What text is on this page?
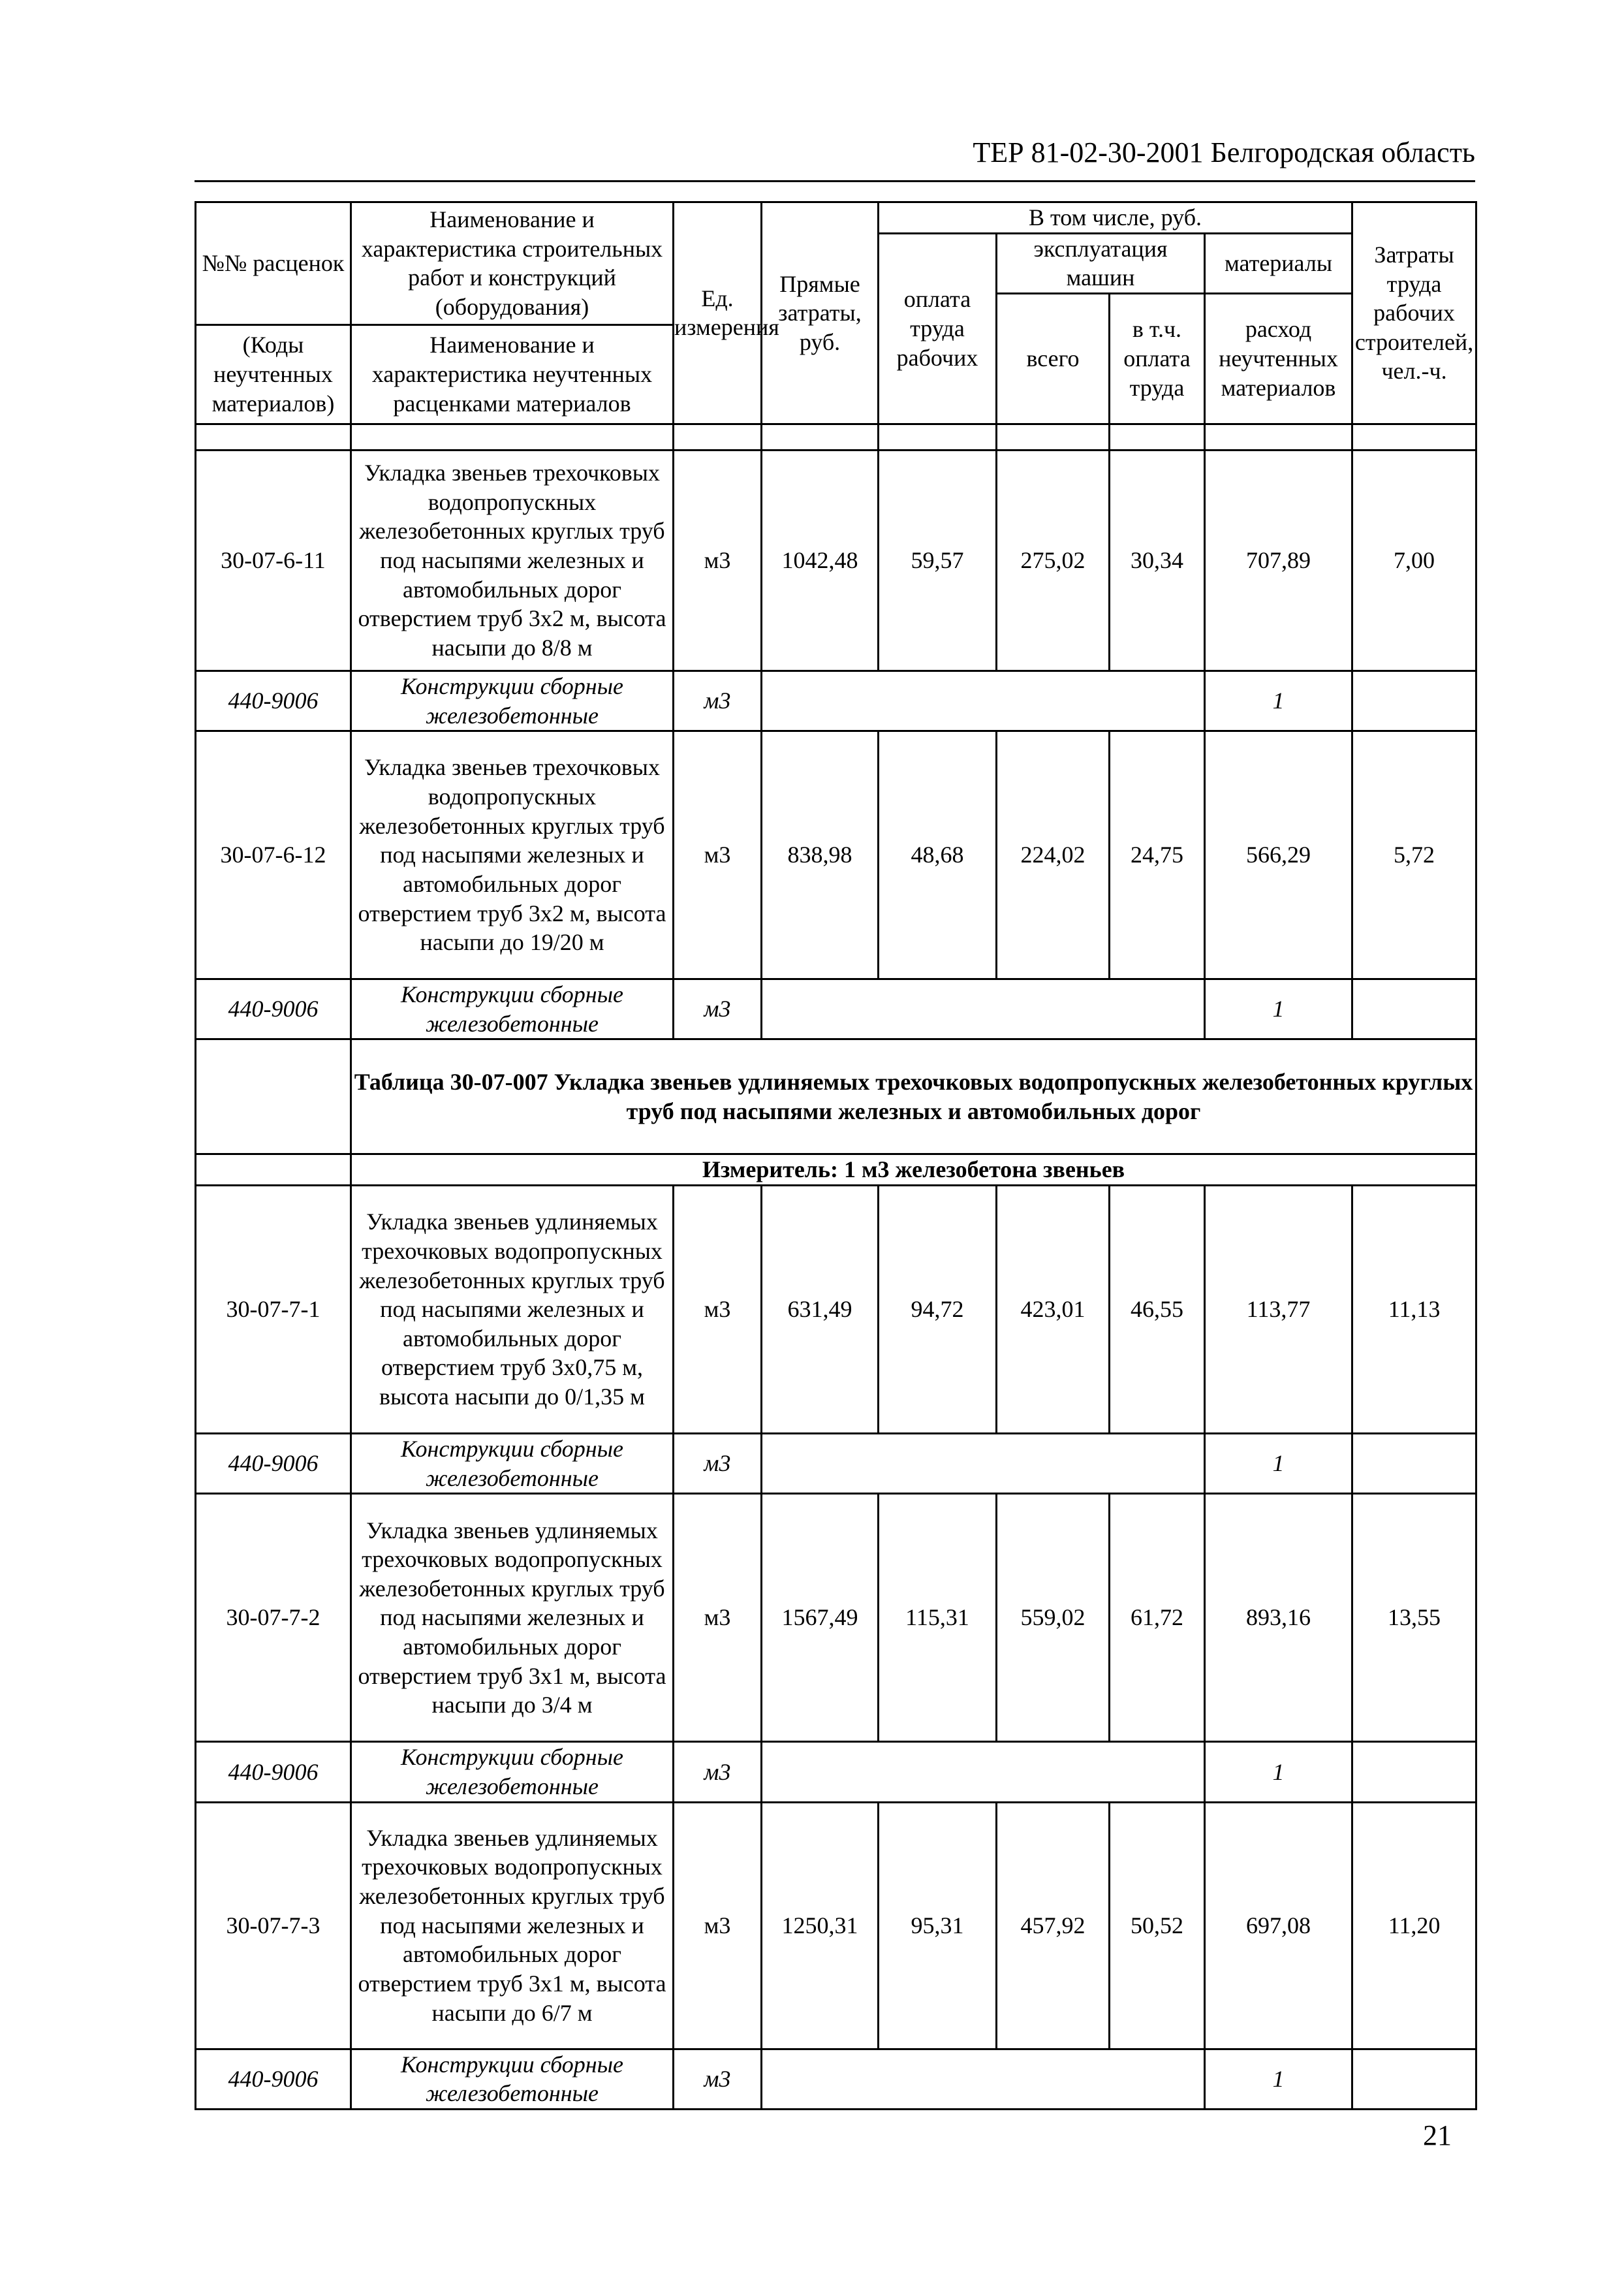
ТЕР 81-02-30-2001 Белгородская область
№№ расценок	Наименование и характеристика строительных работ и конструкций (оборудования)	Ед. измерения	Прямые затраты, руб.	В том числе, руб.				Затраты труда рабочих строителей, чел.-ч.
				оплата труда рабочих	эксплуатация машин		материалы	
					всего	в т.ч. оплата труда	расход неучтенных материалов	
(Коды неучтенных материалов)	Наименование и характеристика неучтенных расценками материалов							

30-07-6-11	Укладка звеньев трехочковых водопропускных железобетонных круглых труб под насыпями железных и автомобильных дорог отверстием труб 3х2 м, высота насыпи до 8/8 м	м3	1042,48	59,57	275,02	30,34	707,89	7,00
440-9006	Конструкции сборные железобетонные	м3					1	
30-07-6-12	Укладка звеньев трехочковых водопропускных железобетонных круглых труб под насыпями железных и автомобильных дорог отверстием труб 3х2 м, высота насыпи до 19/20 м	м3	838,98	48,68	224,02	24,75	566,29	5,72
440-9006	Конструкции сборные железобетонные	м3					1	
	Таблица 30-07-007 Укладка звеньев удлиняемых трехочковых водопропускных железобетонных круглых труб под насыпями железных и автомобильных дорог							
	Измеритель: 1 м3 железобетона звеньев							
30-07-7-1	Укладка звеньев удлиняемых трехочковых водопропускных железобетонных круглых труб под насыпями железных и автомобильных дорог отверстием труб 3х0,75 м, высота насыпи до 0/1,35 м	м3	631,49	94,72	423,01	46,55	113,77	11,13
440-9006	Конструкции сборные железобетонные	м3					1	
30-07-7-2	Укладка звеньев удлиняемых трехочковых водопропускных железобетонных круглых труб под насыпями железных и автомобильных дорог отверстием труб 3х1 м, высота насыпи до 3/4 м	м3	1567,49	115,31	559,02	61,72	893,16	13,55
440-9006	Конструкции сборные железобетонные	м3					1	
30-07-7-3	Укладка звеньев удлиняемых трехочковых водопропускных железобетонных круглых труб под насыпями железных и автомобильных дорог отверстием труб 3х1 м, высота насыпи до 6/7 м	м3	1250,31	95,31	457,92	50,52	697,08	11,20
440-9006	Конструкции сборные железобетонные	м3					1	
21
